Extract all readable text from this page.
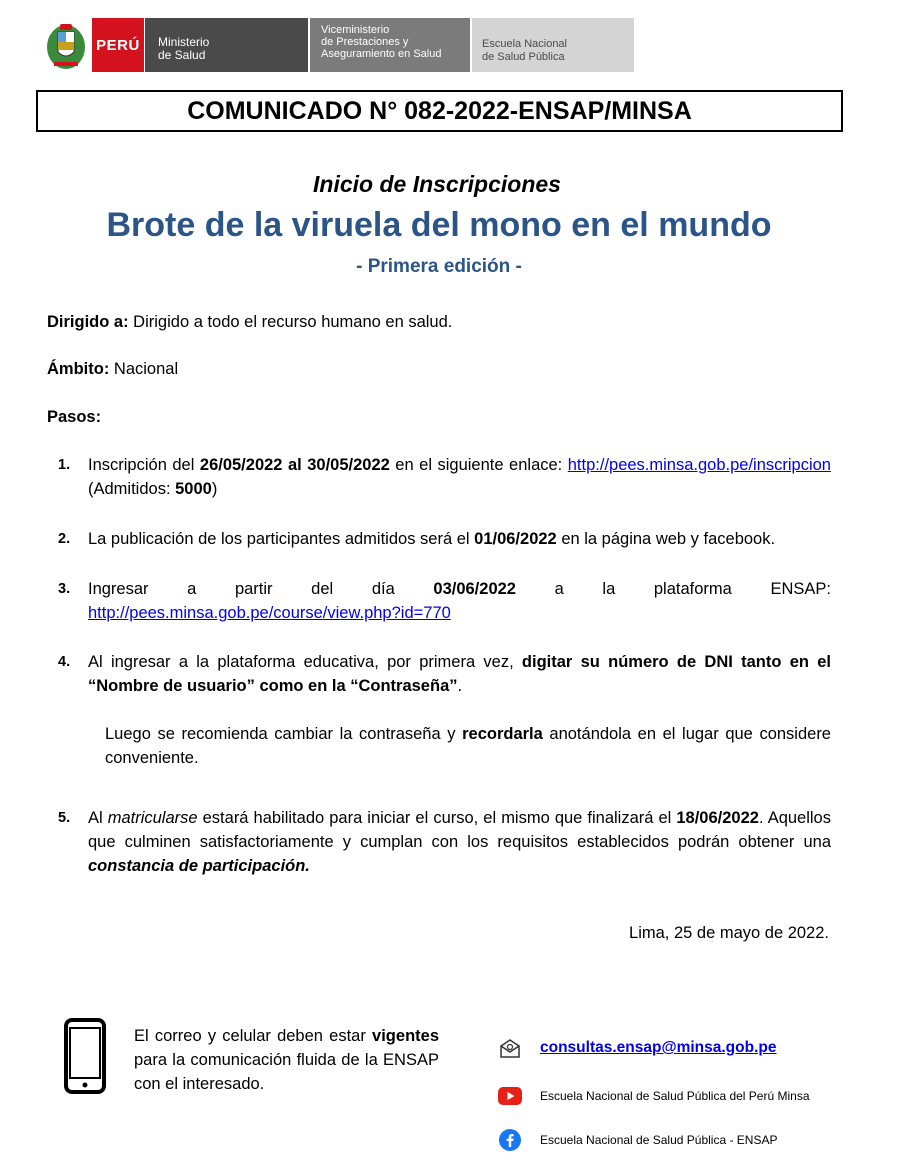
PERÚ	Ministerio
de Salud
Viceministerio
de Prestaciones y
Aseguramiento en Salud
Escuela Nacional
de Salud Pública
COMUNICADO N° 082-2022-ENSAP/MINSA
Inicio de Inscripciones
Brote de la viruela del mono en el mundo
- Primera edición -
Dirigido a: Dirigido a todo el recurso humano en salud.
Ámbito: Nacional
Pasos:
1. Inscripción del 26/05/2022 al 30/05/2022 en el siguiente enlace: http://pees.minsa.gob.pe/inscripcion (Admitidos: 5000)
2. La publicación de los participantes admitidos será el 01/06/2022 en la página web y facebook.
3. Ingresar a partir del día 03/06/2022 a la plataforma ENSAP: http://pees.minsa.gob.pe/course/view.php?id=770
4. Al ingresar a la plataforma educativa, por primera vez, digitar su número de DNI tanto en el “Nombre de usuario” como en la “Contraseña”.
Luego se recomienda cambiar la contraseña y recordarla anotándola en el lugar que considere conveniente.
5. Al matricularse estará habilitado para iniciar el curso, el mismo que finalizará el 18/06/2022. Aquellos que culminen satisfactoriamente y cumplan con los requisitos establecidos podrán obtener una constancia de participación.
Lima, 25 de mayo de 2022.
El correo y celular deben estar vigentes para la comunicación fluida de la ENSAP con el interesado.
consultas.ensap@minsa.gob.pe
Escuela Nacional de Salud Pública del Perú Minsa
Escuela Nacional de Salud Pública - ENSAP
